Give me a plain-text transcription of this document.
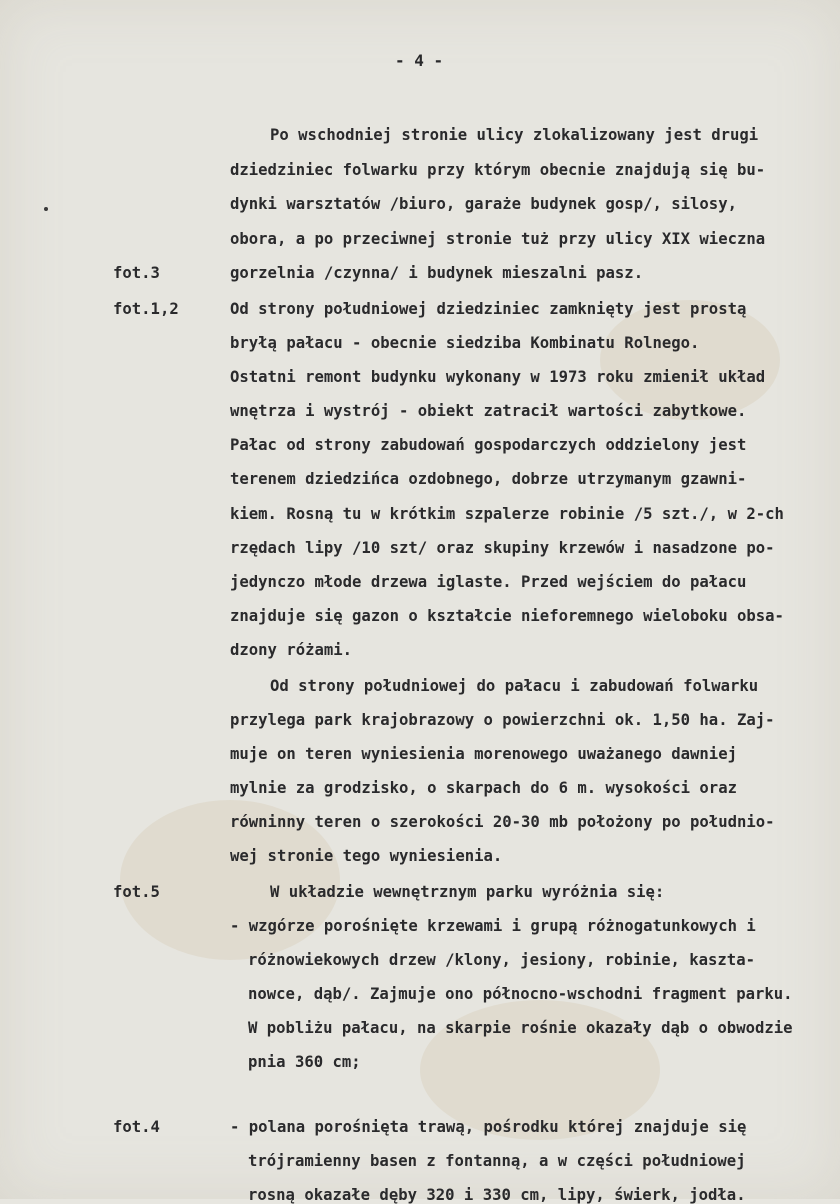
- 4 -
fot.3
fot.1,2
fot.5
fot.4
Po wschodniej stronie ulicy zlokalizowany jest drugi
dziedziniec folwarku przy którym obecnie znajdują się bu-
dynki warsztatów /biuro, garaże budynek gosp/, silosy,
obora, a po przeciwnej stronie tuż przy ulicy XIX wieczna
gorzelnia /czynna/ i budynek mieszalni pasz.
Od strony południowej dziedziniec zamknięty jest prostą
bryłą pałacu - obecnie siedziba Kombinatu Rolnego.
Ostatni remont budynku wykonany w 1973 roku zmienił układ
wnętrza i wystrój - obiekt zatracił wartości zabytkowe.
Pałac od strony zabudowań gospodarczych oddzielony jest
terenem dziedzińca ozdobnego, dobrze utrzymanym gzawni-
kiem. Rosną tu w krótkim szpalerze robinie /5 szt./, w 2-ch
rzędach lipy /10 szt/ oraz skupiny krzewów i nasadzone po-
jedynczo młode drzewa iglaste. Przed wejściem do pałacu
znajduje się gazon o kształcie nieforemnego wieloboku obsa-
dzony różami.
Od strony południowej do pałacu i zabudowań folwarku
przylega park krajobrazowy o powierzchni ok. 1,50 ha. Zaj-
muje on teren wyniesienia morenowego uważanego dawniej
mylnie za grodzisko, o skarpach do 6 m. wysokości oraz
równinny teren o szerokości 20-30 mb położony po południo-
wej stronie tego wyniesienia.
W układzie wewnętrznym parku wyróżnia się:
- wzgórze porośnięte krzewami i grupą różnogatunkowych i
różnowiekowych drzew /klony, jesiony, robinie, kaszta-
nowce, dąb/. Zajmuje ono północno-wschodni fragment parku.
W pobliżu pałacu, na skarpie rośnie okazały dąb o obwodzie
pnia 360 cm;
- polana porośnięta trawą, pośrodku której znajduje się
trójramienny basen z fontanną, a w części południowej
rosną okazałe dęby 320 i 330 cm, lipy, świerk, jodła.
